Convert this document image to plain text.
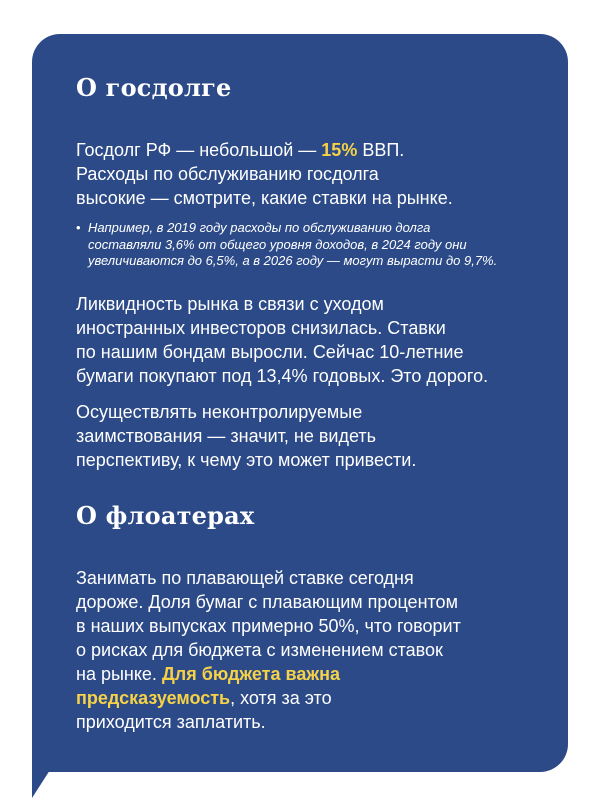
О госдолге

Госдолг РФ — небольшой — 15% ВВП.
Расходы по обслуживанию госдолга
высокие — смотрите, какие ставки на рынке.

• Например, в 2019 году расходы по обслуживанию долга
составляли 3,6% от общего уровня доходов, в 2024 году они
увеличиваются до 6,5%, а в 2026 году — могут вырасти до 9,7%.

Ликвидность рынка в связи с уходом
иностранных инвесторов снизилась. Ставки
по нашим бондам выросли. Сейчас 10-летние
бумаги покупают под 13,4% годовых. Это дорого.

Осуществлять неконтролируемые
заимствования — значит, не видеть
перспективу, к чему это может привести.

О флоатерах

Занимать по плавающей ставке сегодня
дороже. Доля бумаг с плавающим процентом
в наших выпусках примерно 50%, что говорит
о рисках для бюджета с изменением ставок
на рынке. Для бюджета важна
предсказуемость, хотя за это
приходится заплатить.
